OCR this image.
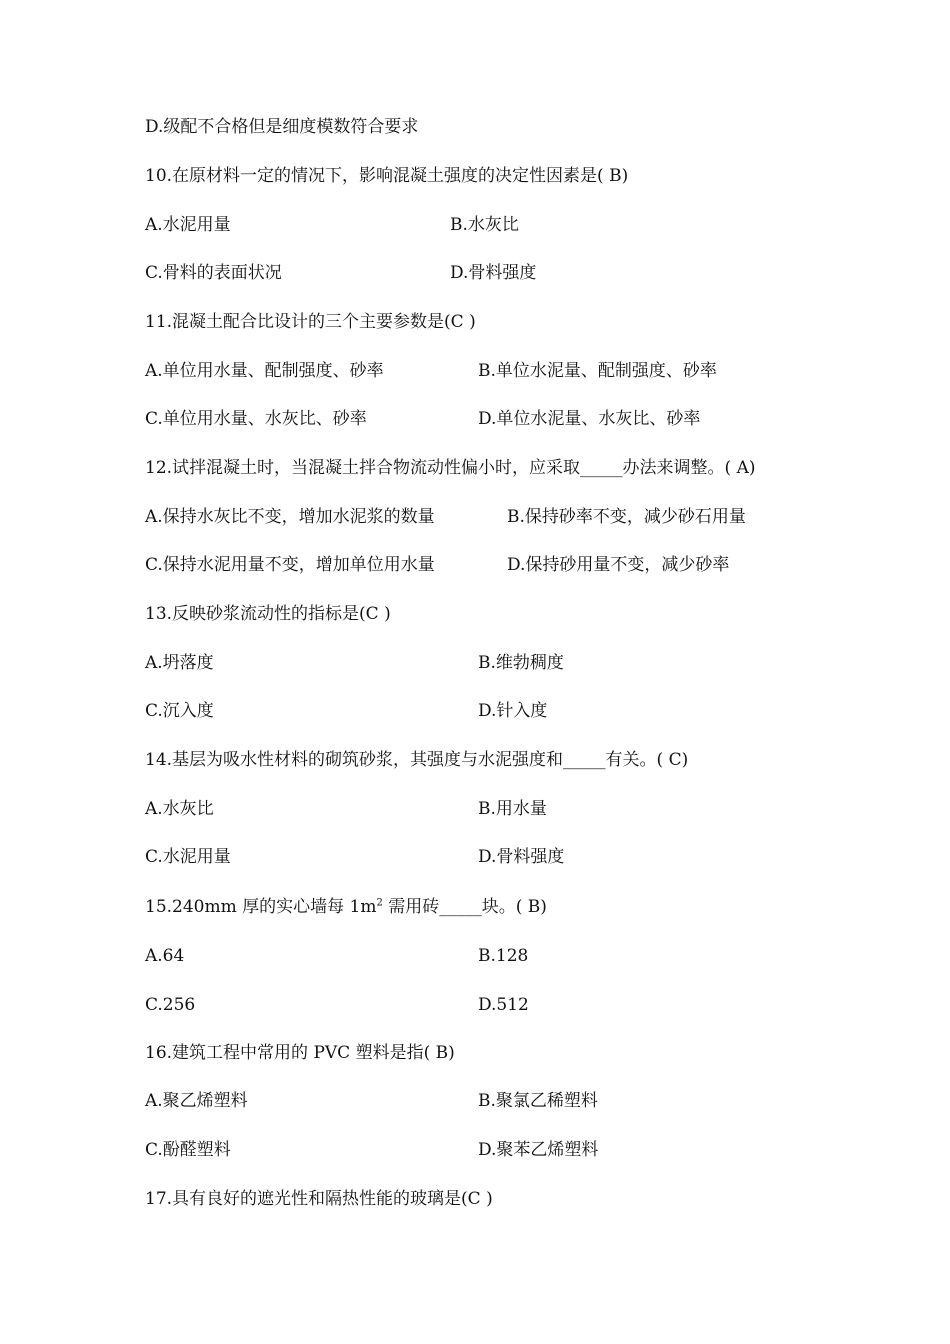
D.级配不合格但是细度模数符合要求
10.在原材料一定的情况下，影响混凝土强度的决定性因素是( B)
A.水泥用量	B.水灰比
C.骨料的表面状况	D.骨料强度
11.混凝土配合比设计的三个主要参数是(C )
A.单位用水量、配制强度、砂率	B.单位水泥量、配制强度、砂率
C.单位用水量、水灰比、砂率	D.单位水泥量、水灰比、砂率
12.试拌混凝土时，当混凝土拌合物流动性偏小时，应采取_____办法来调整。( A)
A.保持水灰比不变，增加水泥浆的数量	B.保持砂率不变，减少砂石用量
C.保持水泥用量不变，增加单位用水量	D.保持砂用量不变，减少砂率
13.反映砂浆流动性的指标是(C )
A.坍落度	B.维勃稠度
C.沉入度	D.针入度
14.基层为吸水性材料的砌筑砂浆，其强度与水泥强度和_____有关。( C)
A.水灰比	B.用水量
C.水泥用量	D.骨料强度
15.240mm 厚的实心墙每 $1m^2$ 需用砖_____块。( B)
A.64	B.128
C.256	D.512
16.建筑工程中常用的 PVC 塑料是指( B)
A.聚乙烯塑料	B.聚氯乙稀塑料
C.酚醛塑料	D.聚苯乙烯塑料
17.具有良好的遮光性和隔热性能的玻璃是(C )
